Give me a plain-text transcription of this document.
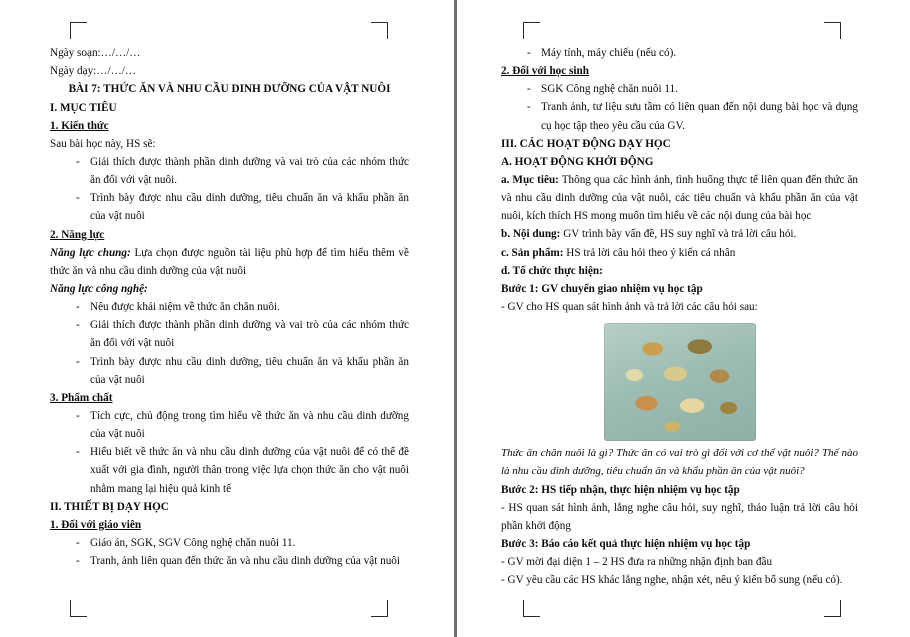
Ngày soạn:…/…/…

Ngày dạy:…/…/…

BÀI 7: THỨC ĂN VÀ NHU CẦU DINH DƯỠNG CỦA VẬT NUÔI

I. MỤC TIÊU

1. Kiến thức

Sau bài học này, HS sẽ:

- Giải thích được thành phần dinh dưỡng và vai trò của các nhóm thức ăn đối với vật nuôi.
- Trình bày được nhu cầu dinh dưỡng, tiêu chuẩn ăn và khẩu phần ăn của vật nuôi

2. Năng lực

Năng lực chung: Lựa chọn được nguồn tài liệu phù hợp để tìm hiểu thêm về thức ăn và nhu cầu dinh dưỡng của vật nuôi

Năng lực công nghệ:

- Nêu được khái niệm về thức ăn chăn nuôi.
- Giải thích được thành phần dinh dưỡng và vai trò của các nhóm thức ăn đối với vật nuôi
- Trình bày được nhu cầu dinh dưỡng, tiêu chuẩn ăn và khẩu phần ăn của vật nuôi

3. Phẩm chất

- Tích cực, chủ động trong tìm hiểu về thức ăn và nhu cầu dinh dưỡng của vật nuôi
- Hiểu biết về thức ăn và nhu cầu dinh dưỡng của vật nuôi để có thể đề xuất với gia đình, người thân trong việc lựa chọn thức ăn cho vật nuôi nhằm mang lại hiệu quả kinh tế

II. THIẾT BỊ DẠY HỌC

1. Đối với giáo viên

- Giáo án, SGK, SGV Công nghệ chăn nuôi 11.
- Tranh, ảnh liên quan đến thức ăn và nhu cầu dinh dưỡng của vật nuôi
- Máy tính, máy chiếu (nếu có).

2. Đối với học sinh

- SGK Công nghệ chăn nuôi 11.
- Tranh ảnh, tư liệu sưu tầm có liên quan đến nội dung bài học và dụng cụ học tập theo yêu cầu của GV.

III. CÁC HOẠT ĐỘNG DẠY HỌC

A. HOẠT ĐỘNG KHỞI ĐỘNG

a. Mục tiêu: Thông qua các hình ảnh, tình huống thực tế liên quan đến thức ăn và nhu cầu dinh dưỡng của vật nuôi, các tiêu chuẩn và khẩu phần ăn của vật nuôi, kích thích HS mong muốn tìm hiểu về các nội dung của bài học

b. Nội dung: GV trình bày vấn đề, HS suy nghĩ và trả lời câu hỏi.

c. Sản phẩm: HS trả lời câu hỏi theo ý kiến cá nhân

d. Tổ chức thực hiện:

Bước 1: GV chuyển giao nhiệm vụ học tập

- GV cho HS quan sát hình ảnh và trả lời các câu hỏi sau:

Thức ăn chăn nuôi là gì? Thức ăn có vai trò gì đối với cơ thể vật nuôi? Thế nào là nhu cầu dinh dưỡng, tiêu chuẩn ăn và khẩu phần ăn của vật nuôi?

Bước 2: HS tiếp nhận, thực hiện nhiệm vụ học tập

- HS quan sát hình ảnh, lắng nghe câu hỏi, suy nghĩ, thảo luận trả lời câu hỏi phần khởi động

Bước 3: Báo cáo kết quả thực hiện nhiệm vụ học tập

- GV mời đại diện 1 – 2 HS đưa ra những nhận định ban đầu

- GV yêu cầu các HS khác lắng nghe, nhận xét, nêu ý kiến bổ sung (nếu có).
